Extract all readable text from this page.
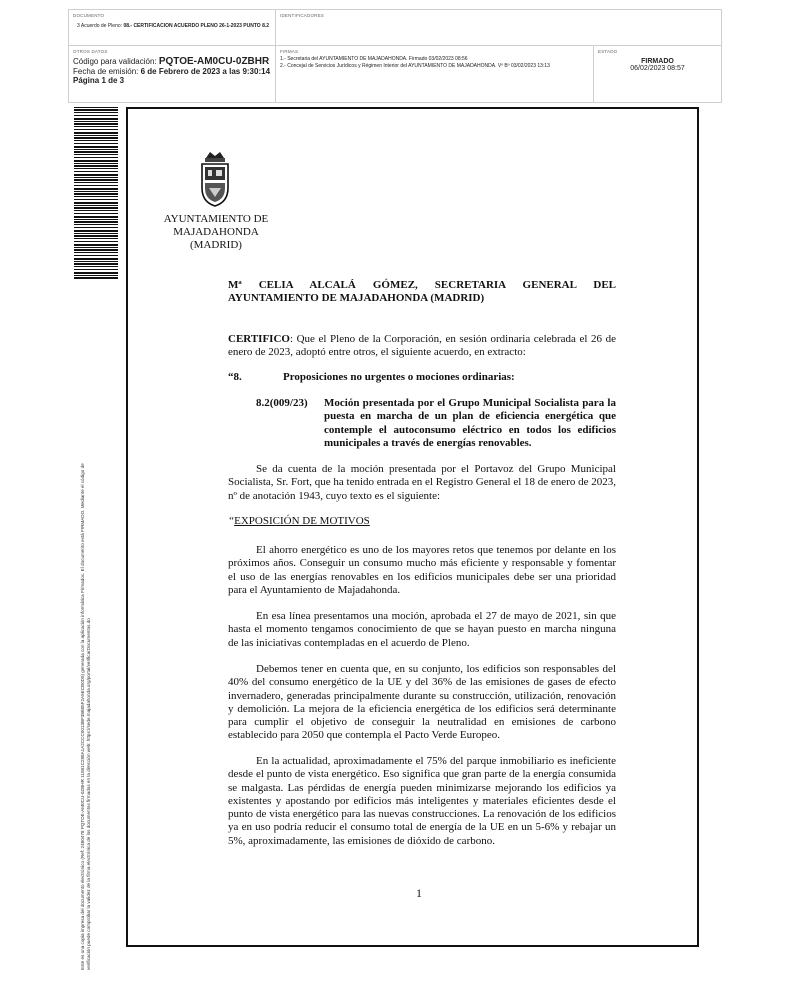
DOCUMENTO
3 Acuerdo de Pleno: 08.- CERTIFICACION ACUERDO PLENO 26-1-2023 PUNTO 8.2
IDENTIFICADORES
OTROS DATOS
Código para validación: PQTOE-AM0CU-0ZBHR
Fecha de emisión: 6 de Febrero de 2023 a las 9:30:14
Página 1 de 3
FIRMAS
1.- Secretaria del AYUNTAMIENTO DE MAJADAHONDA. Firmado 03/02/2023 08:56
2.- Concejal de Servicios Jurídicos y Régimen Interior del AYUNTAMIENTO DE MAJADAHONDA. Vº Bº 03/02/2023 13:13
ESTADO
FIRMADO
06/02/2023 08:57
Este es una copia impresa del documento electrónico (Ref: 2480478 PQTOE-AM0CU-0ZBHR 11581C288A1A2CCC0013BF38685F2A5ECB0D5) generada con la aplicación informática Firmadoc. El documento está FIRMADO. Mediante el código de verificación puede comprobar la validez de la firma electrónica de los documentos firmados en la dirección web: https://sede.majadahonda.org/portal/verificarDocumentos.do
AYUNTAMIENTO DE
MAJADAHONDA
(MADRID)
Mª CELIA ALCALÁ GÓMEZ, SECRETARIA GENERAL DEL
AYUNTAMIENTO DE MAJADAHONDA (MADRID)
CERTIFICO: Que el Pleno de la Corporación, en sesión ordinaria celebrada el 26 de enero de 2023, adoptó entre otros, el siguiente acuerdo, en extracto:
“8.	Proposiciones no urgentes o mociones ordinarias:
8.2(009/23)	Moción presentada por el Grupo Municipal Socialista para la puesta en marcha de un plan de eficiencia energética que contemple el autoconsumo eléctrico en todos los edificios municipales a través de energías renovables.
Se da cuenta de la moción presentada por el Portavoz del Grupo Municipal Socialista, Sr. Fort, que ha tenido entrada en el Registro General el 18 de enero de 2023, nº de anotación 1943, cuyo texto es el siguiente:
“EXPOSICIÓN DE MOTIVOS
El ahorro energético es uno de los mayores retos que tenemos por delante en los próximos años. Conseguir un consumo mucho más eficiente y responsable y fomentar el uso de las energías renovables en los edificios municipales debe ser una prioridad para el Ayuntamiento de Majadahonda.
En esa línea presentamos una moción, aprobada el 27 de mayo de 2021, sin que hasta el momento tengamos conocimiento de que se hayan puesto en marcha ninguna de las iniciativas contempladas en el acuerdo de Pleno.
Debemos tener en cuenta que, en su conjunto, los edificios son responsables del 40% del consumo energético de la UE y del 36% de las emisiones de gases de efecto invernadero, generadas principalmente durante su construcción, utilización, renovación y demolición. La mejora de la eficiencia energética de los edificios será determinante para cumplir el objetivo de conseguir la neutralidad en emisiones de carbono establecido para 2050 que contempla el Pacto Verde Europeo.
En la actualidad, aproximadamente el 75% del parque inmobiliario es ineficiente desde el punto de vista energético. Eso significa que gran parte de la energía consumida se malgasta. Las pérdidas de energía pueden minimizarse mejorando los edificios ya existentes y apostando por edificios más inteligentes y materiales eficientes desde el punto de vista energético para las nuevas construcciones. La renovación de los edificios ya en uso podría reducir el consumo total de energía de la UE en un 5-6% y rebajar un 5%, aproximadamente, las emisiones de dióxido de carbono.
1
